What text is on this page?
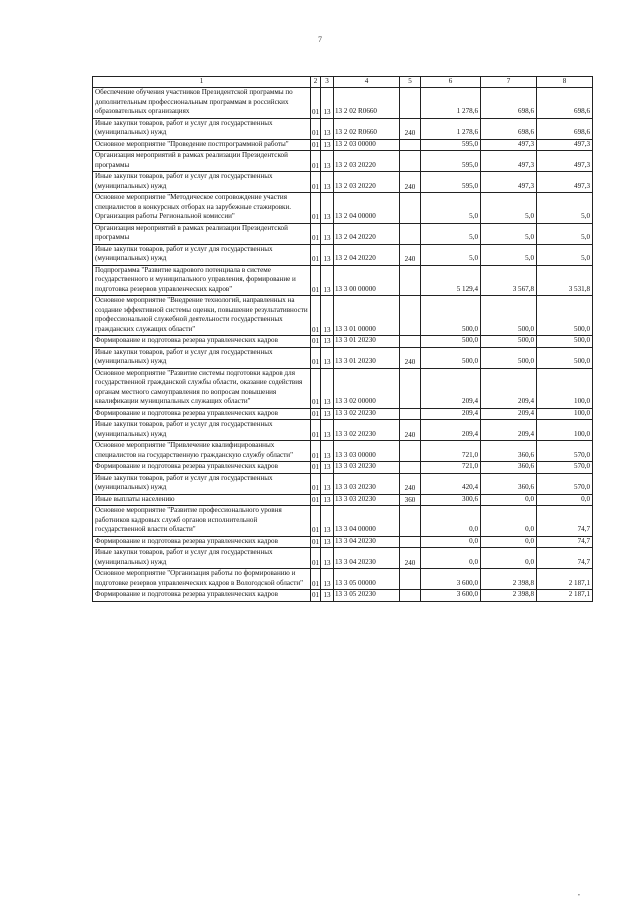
7
1	2	3	4	5	6	7	8
Обеспечение обучения участников Президентской программы по дополнительным профессиональным программам в российских образовательных организациях	01	13	13 2 02 R0660		1 278,6	698,6	698,6
Иные закупки товаров, работ и услуг для государственных (муниципальных) нужд	01	13	13 2 02 R0660	240	1 278,6	698,6	698,6
Основное мероприятие "Проведение постпрограммной работы"	01	13	13 2 03 00000		595,0	497,3	497,3
Организация мероприятий в рамках реализации Президентской программы	01	13	13 2 03 20220		595,0	497,3	497,3
Иные закупки товаров, работ и услуг для государственных (муниципальных) нужд	01	13	13 2 03 20220	240	595,0	497,3	497,3
Основное мероприятие "Методическое сопровождение участия специалистов в конкурсных отборах на зарубежные стажировки. Организация работы Региональной комиссии"	01	13	13 2 04 00000		5,0	5,0	5,0
Организация мероприятий в рамках реализации Президентской программы	01	13	13 2 04 20220		5,0	5,0	5,0
Иные закупки товаров, работ и услуг для государственных (муниципальных) нужд	01	13	13 2 04 20220	240	5,0	5,0	5,0
Подпрограмма "Развитие кадрового потенциала в системе государственного и муниципального управления, формирование и подготовка резервов управленческих кадров"	01	13	13 3 00 00000		5 129,4	3 567,8	3 531,8
Основное мероприятие "Внедрение технологий, направленных на создание эффективной системы оценки, повышение результативности профессиональной служебной деятельности государственных гражданских служащих области"	01	13	13 3 01 00000		500,0	500,0	500,0
Формирование и подготовка резерва управленческих кадров	01	13	13 3 01 20230		500,0	500,0	500,0
Иные закупки товаров, работ и услуг для государственных (муниципальных) нужд	01	13	13 3 01 20230	240	500,0	500,0	500,0
Основное мероприятие "Развитие системы подготовки кадров для государственной гражданской службы области, оказание содействия органам местного самоуправления по вопросам повышения квалификации муниципальных служащих области"	01	13	13 3 02 00000		209,4	209,4	100,0
Формирование и подготовка резерва управленческих кадров	01	13	13 3 02 20230		209,4	209,4	100,0
Иные закупки товаров, работ и услуг для государственных (муниципальных) нужд	01	13	13 3 02 20230	240	209,4	209,4	100,0
Основное мероприятие "Привлечение квалифицированных специалистов на государственную гражданскую службу области"	01	13	13 3 03 00000		721,0	360,6	570,0
Формирование и подготовка резерва управленческих кадров	01	13	13 3 03 20230		721,0	360,6	570,0
Иные закупки товаров, работ и услуг для государственных (муниципальных) нужд	01	13	13 3 03 20230	240	420,4	360,6	570,0
Иные выплаты населению	01	13	13 3 03 20230	360	300,6	0,0	0,0
Основное мероприятие "Развитие профессионального уровня работников кадровых служб органов исполнительной государственной власти области"	01	13	13 3 04 00000		0,0	0,0	74,7
Формирование и подготовка резерва управленческих кадров	01	13	13 3 04 20230		0,0	0,0	74,7
Иные закупки товаров, работ и услуг для государственных (муниципальных) нужд	01	13	13 3 04 20230	240	0,0	0,0	74,7
Основное мероприятие "Организация работы по формированию и подготовке резервов управленческих кадров в Вологодской области"	01	13	13 3 05 00000		3 600,0	2 398,8	2 187,1
Формирование и подготовка резерва управленческих кадров	01	13	13 3 05 20230		3 600,0	2 398,8	2 187,1
•
